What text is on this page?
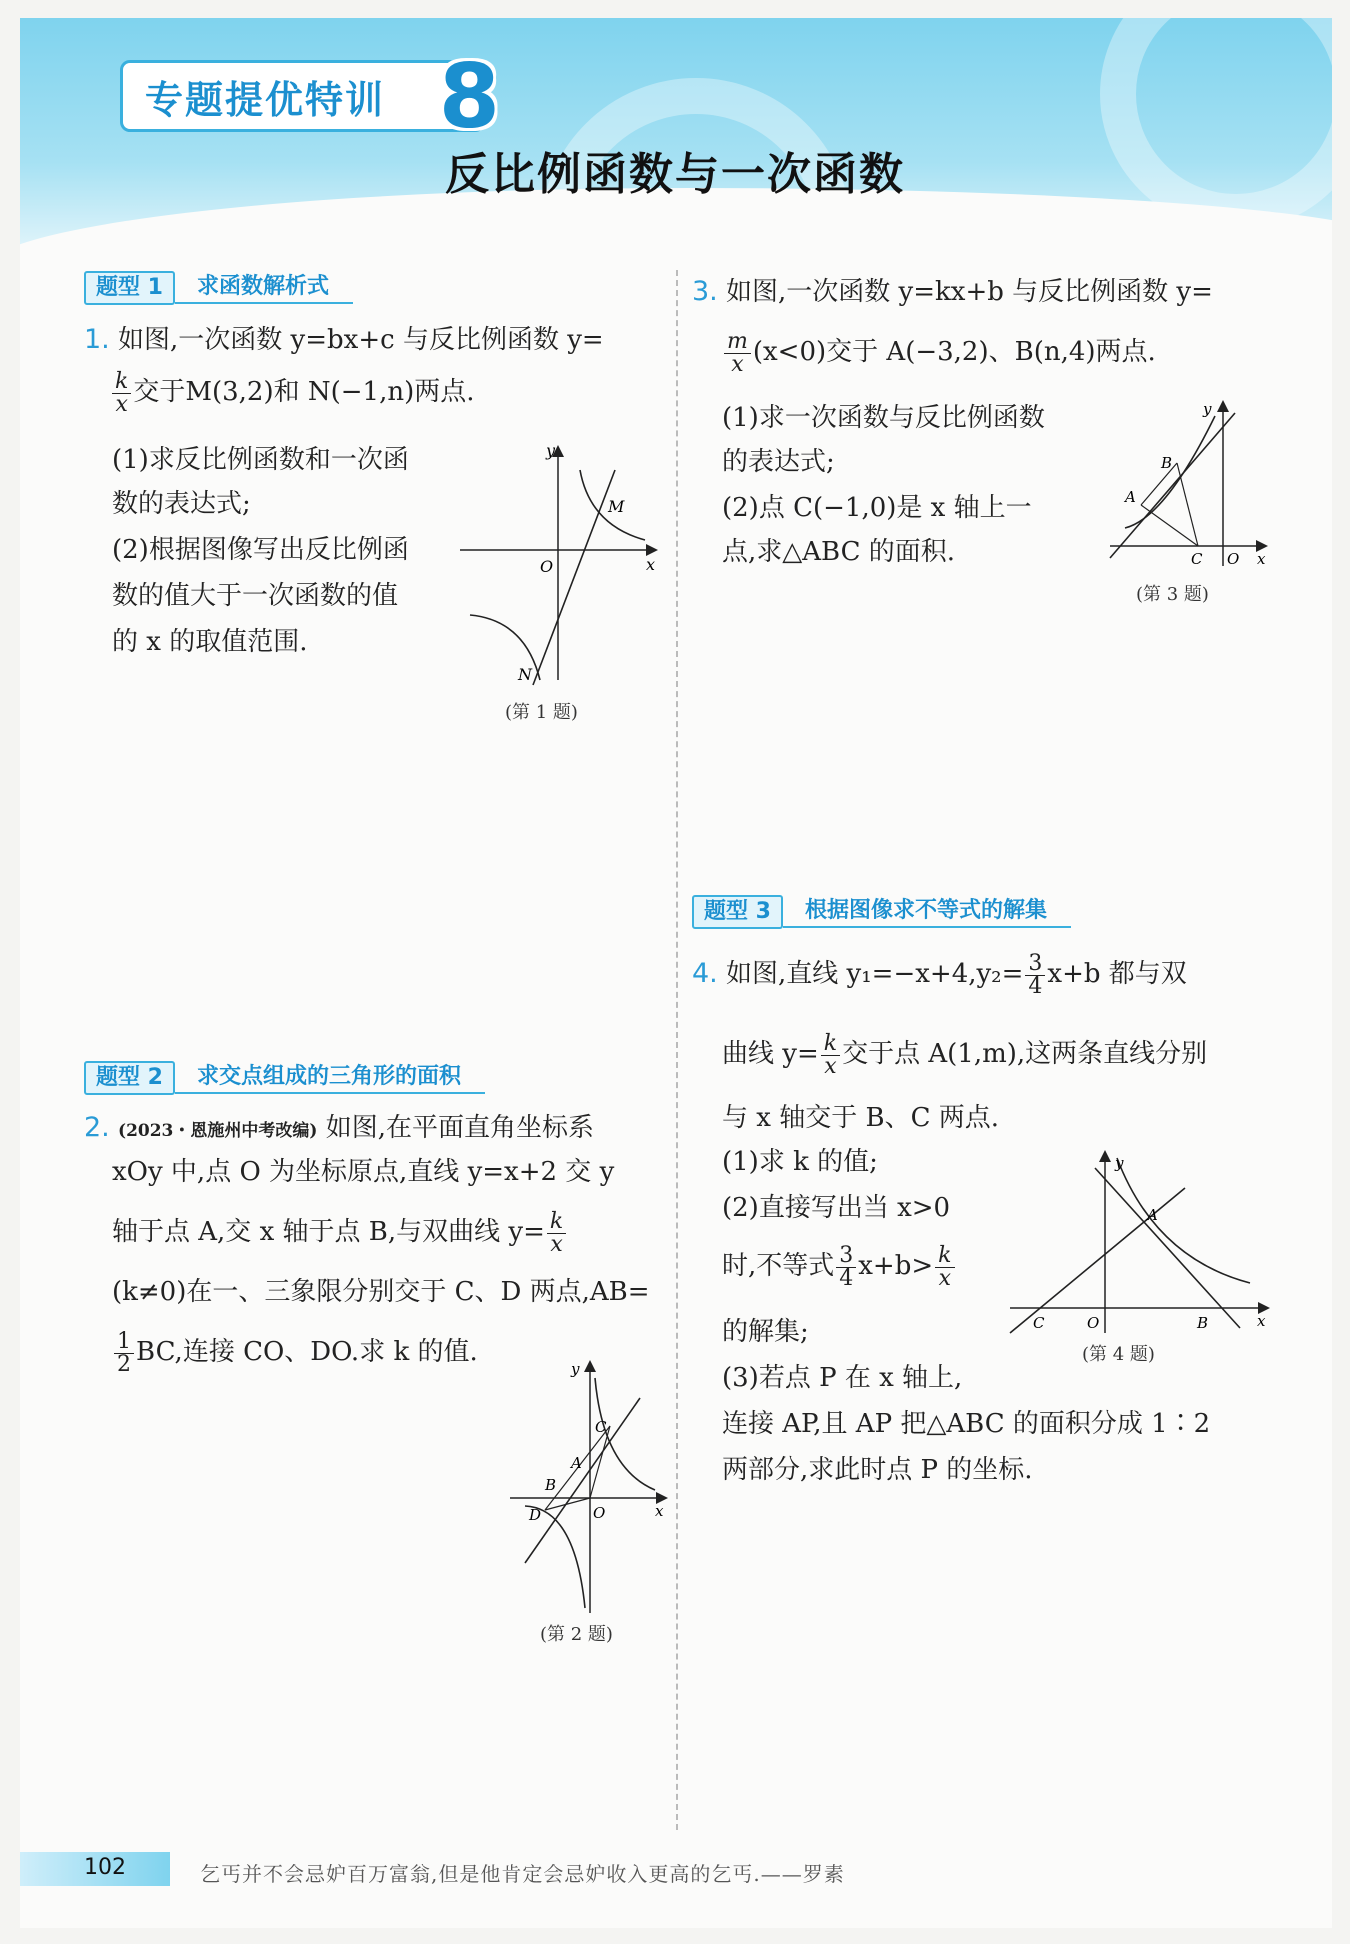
专题提优特训 8
反比例函数与一次函数
题型 1	求函数解析式
1. 如图,一次函数 y=bx+c 与反比例函数 y=
$\frac{k}{x}$ 交于M(3,2)和 N(−1,n)两点.
(1)求反比例函数和一次函
数的表达式;
(2)根据图像写出反比例函
数的值大于一次函数的值
的 x 的取值范围.
y
x
O
M
N
(第 1 题)
题型 2	求交点组成的三角形的面积
2. (2023・恩施州中考改编) 如图,在平面直角坐标系
xOy 中,点 O 为坐标原点,直线 y=x+2 交 y
轴于点 A,交 x 轴于点 B,与双曲线 $y= \frac{k}{x}$
(k≠0)在一、三象限分别交于 C、D 两点,AB=
$\frac{1}{2}$ BC,连接 CO、DO.求 k 的值.
y
x
O
A
B
C
D
(第 2 题)
3. 如图,一次函数 y=kx+b 与反比例函数 y=
$\frac{m}{x} (x<0)$交于 A(−3,2)、B(n,4)两点.
(1)求一次函数与反比例函数
的表达式;
(2)点 C(−1,0)是 x 轴上一
点,求△ABC 的面积.
y
x
O
A
B
C
(第 3 题)
题型 3	根据图像求不等式的解集
4. 如图,直线 $y_1=-x+4,y_2= \frac{3}{4} x+b$ 都与双
曲线 $y= \frac{k}{x}$ 交于点 A(1,m),这两条直线分别
与 x 轴交于 B、C 两点.
(1)求 k 的值;
(2)直接写出当 x>0
时,不等式 $\frac{3}{4} x+b> \frac{k}{x}$
的解集;
(3)若点 P 在 x 轴上,
连接 AP,且 AP 把△ABC 的面积分成 1∶2
两部分,求此时点 P 的坐标.
y
x
O
A
B
C
(第 4 题)
102	乞丐并不会忌妒百万富翁,但是他肯定会忌妒收入更高的乞丐.——罗素
